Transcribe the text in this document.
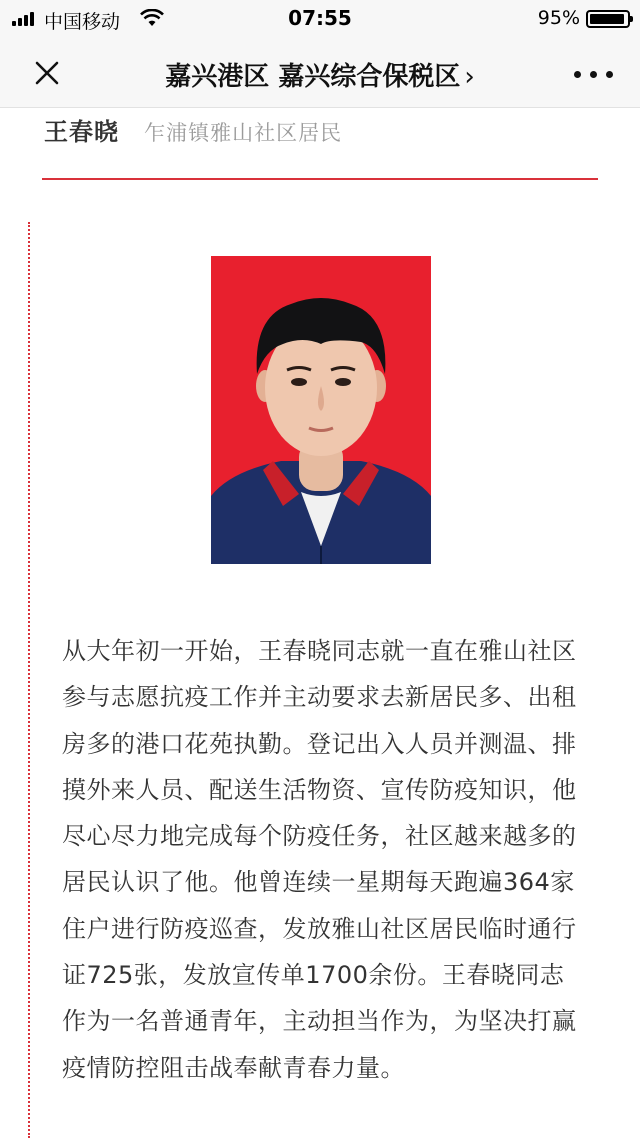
中国移动	07:55	95%
嘉兴港区 嘉兴综合保税区 ›
王春晓 乍浦镇雅山社区居民

从大年初一开始，王春晓同志就一直在雅山社区参与志愿抗疫工作并主动要求去新居民多、出租房多的港口花苑执勤。登记出入人员并测温、排摸外来人员、配送生活物资、宣传防疫知识，他尽心尽力地完成每个防疫任务，社区越来越多的居民认识了他。他曾连续一星期每天跑遍364家住户进行防疫巡查，发放雅山社区居民临时通行证725张，发放宣传单1700余份。王春晓同志作为一名普通青年，主动担当作为，为坚决打赢疫情防控阻击战奉献青春力量。
